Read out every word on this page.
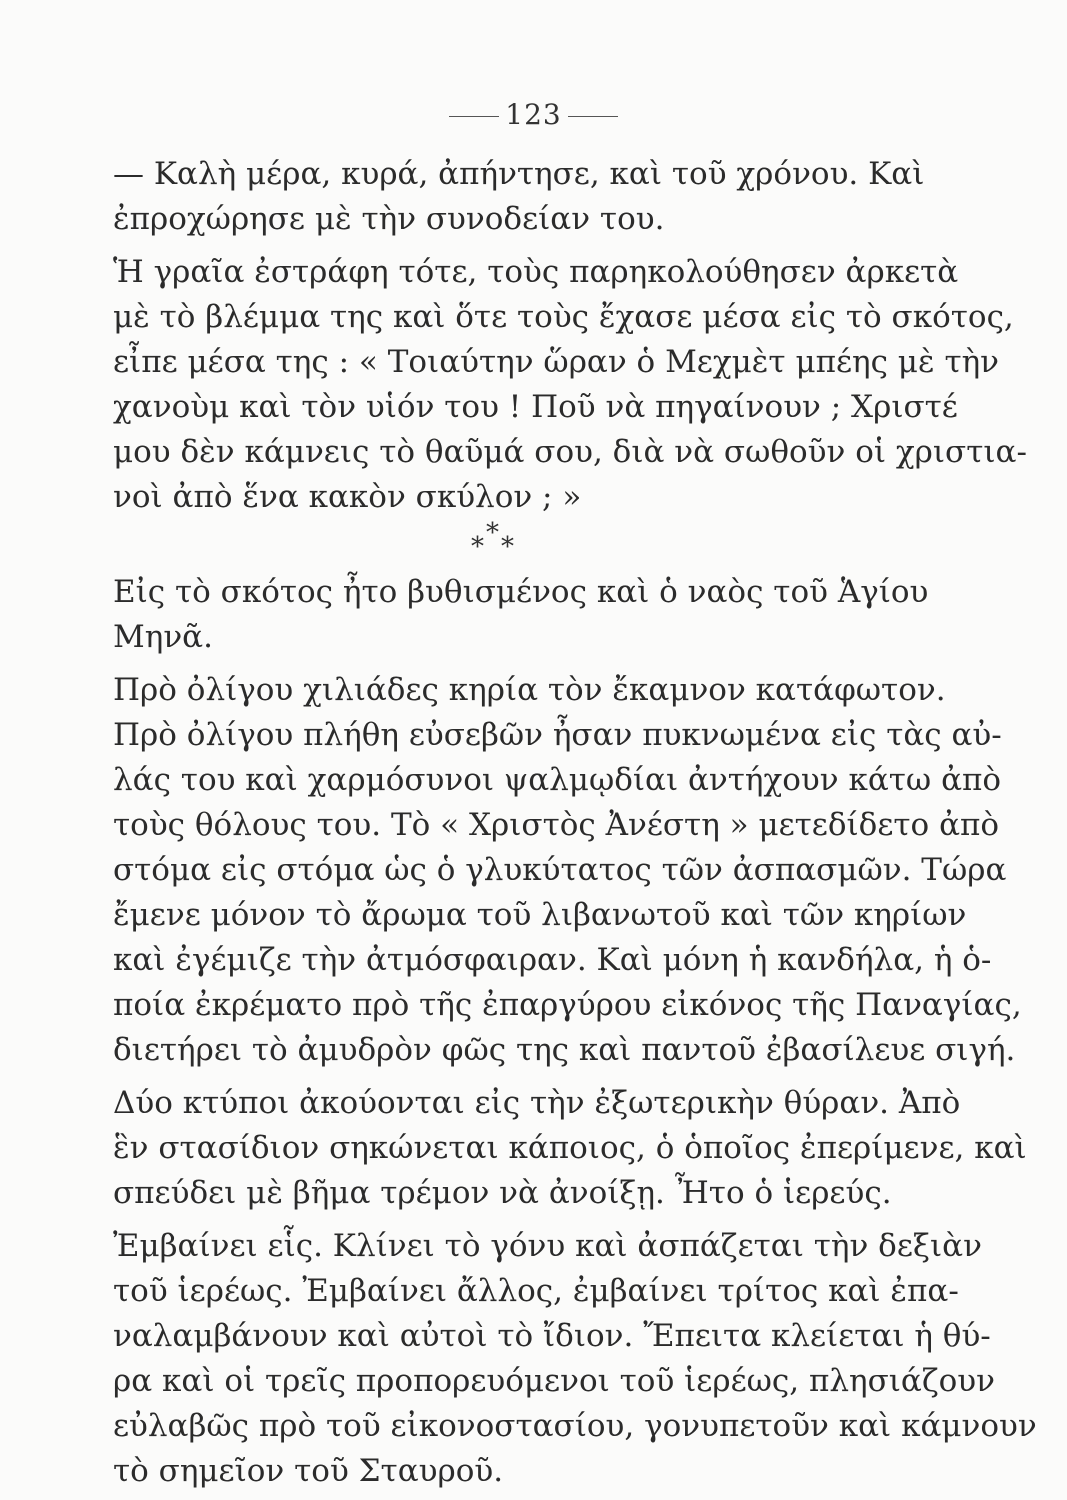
123
— Καλὴ μέρα, κυρά, ἀπήντησε, καὶ τοῦ χρόνου. Καὶ
ἐπροχώρησε μὲ τὴν συνοδείαν του.
Ἡ γραῖα ἐστράφη τότε, τοὺς παρηκολούθησεν ἀρκετὰ
μὲ τὸ βλέμμα της καὶ ὅτε τοὺς ἔχασε μέσα εἰς τὸ σκότος,
εἶπε μέσα της : « Τοιαύτην ὥραν ὁ Μεχμὲτ μπέης μὲ τὴν
χανοὺμ καὶ τὸν υἱόν του ! Ποῦ νὰ πηγαίνουν ; Χριστέ
μου δὲν κάμνεις τὸ θαῦμά σου, διὰ νὰ σωθοῦν οἱ χριστια-
νοὶ ἀπὸ ἕνα κακὸν σκύλον ; »
*
* *
Εἰς τὸ σκότος ἦτο βυθισμένος καὶ ὁ ναὸς τοῦ Ἁγίου
Μηνᾶ.
Πρὸ ὀλίγου χιλιάδες κηρία τὸν ἔκαμνον κατάφωτον.
Πρὸ ὀλίγου πλήθη εὐσεβῶν ἦσαν πυκνωμένα εἰς τὰς αὐ-
λάς του καὶ χαρμόσυνοι ψαλμῳδίαι ἀντήχουν κάτω ἀπὸ
τοὺς θόλους του. Τὸ « Χριστὸς Ἀνέστη » μετεδίδετο ἀπὸ
στόμα εἰς στόμα ὡς ὁ γλυκύτατος τῶν ἀσπασμῶν. Τώρα
ἔμενε μόνον τὸ ἄρωμα τοῦ λιβανωτοῦ καὶ τῶν κηρίων
καὶ ἐγέμιζε τὴν ἀτμόσφαιραν. Καὶ μόνη ἡ κανδήλα, ἡ ὁ-
ποία ἐκρέματο πρὸ τῆς ἐπαργύρου εἰκόνος τῆς Παναγίας,
διετήρει τὸ ἀμυδρὸν φῶς της καὶ παντοῦ ἐβασίλευε σιγή.
Δύο κτύποι ἀκούονται εἰς τὴν ἐξωτερικὴν θύραν. Ἀπὸ
ἓν στασίδιον σηκώνεται κάποιος, ὁ ὁποῖος ἐπερίμενε, καὶ
σπεύδει μὲ βῆμα τρέμον νὰ ἀνοίξῃ. Ἦτο ὁ ἱερεύς.
Ἐμβαίνει εἷς. Κλίνει τὸ γόνυ καὶ ἀσπάζεται τὴν δεξιὰν
τοῦ ἱερέως. Ἐμβαίνει ἄλλος, ἐμβαίνει τρίτος καὶ ἐπα-
ναλαμβάνουν καὶ αὐτοὶ τὸ ἴδιον. Ἔπειτα κλείεται ἡ θύ-
ρα καὶ οἱ τρεῖς προπορευόμενοι τοῦ ἱερέως, πλησιάζουν
εὐλαβῶς πρὸ τοῦ εἰκονοστασίου, γονυπετοῦν καὶ κάμνουν
τὸ σημεῖον τοῦ Σταυροῦ.
